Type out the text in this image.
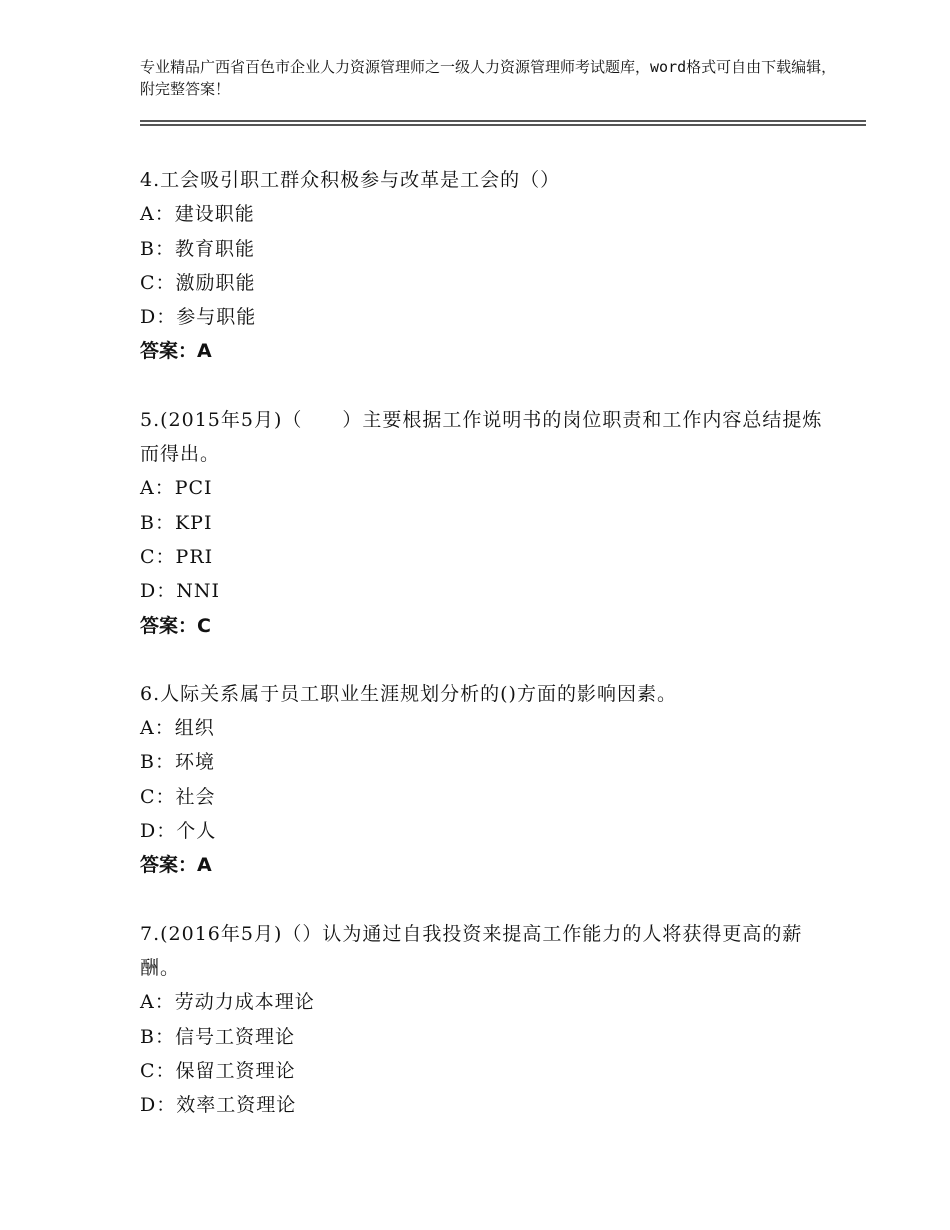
专业精品广西省百色市企业人力资源管理师之一级人力资源管理师考试题库，word格式可自由下载编辑，附完整答案！
4.工会吸引职工群众积极参与改革是工会的（）
A：建设职能
B：教育职能
C：激励职能
D：参与职能
答案：A
5.(2015年5月)（　　）主要根据工作说明书的岗位职责和工作内容总结提炼而得出。
A：PCI
B：KPI
C：PRI
D：NNI
答案：C
6.人际关系属于员工职业生涯规划分析的()方面的影响因素。
A：组织
B：环境
C：社会
D：个人
答案：A
7.(2016年5月)（）认为通过自我投资来提高工作能力的人将获得更高的薪酬。
A：劳动力成本理论
B：信号工资理论
C：保留工资理论
D：效率工资理论
